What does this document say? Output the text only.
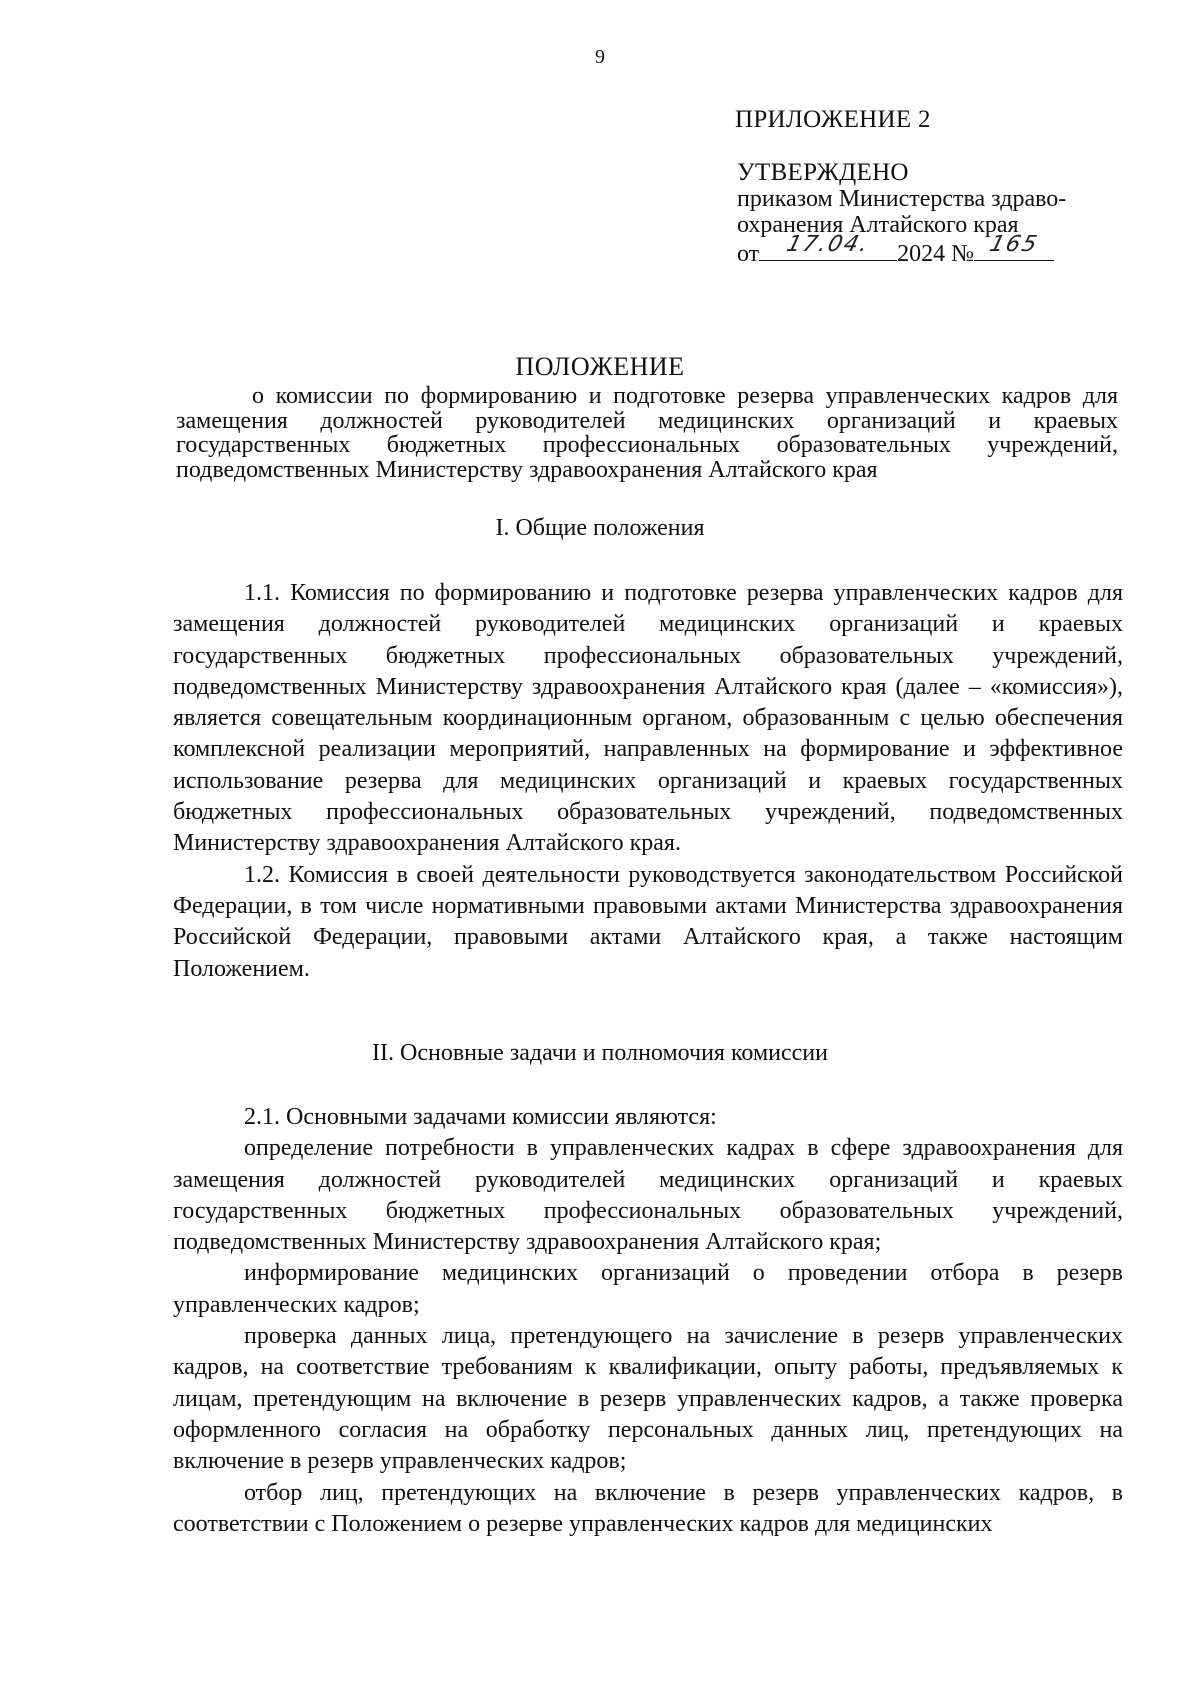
9
ПРИЛОЖЕНИЕ 2
УТВЕРЖДЕНО
приказом Министерства здраво-
охранения Алтайского края
от	17.04.	2024 № 165
ПОЛОЖЕНИЕ
о комиссии по формированию и подготовке резерва управленческих кадров для замещения должностей руководителей медицинских организаций и краевых государственных бюджетных профессиональных образовательных учреждений, подведомственных Министерству здравоохранения Алтайского края
I. Общие положения

1.1. Комиссия по формированию и подготовке резерва управленческих кадров для замещения должностей руководителей медицинских организаций и краевых государственных бюджетных профессиональных образовательных учреждений, подведомственных Министерству здравоохранения Алтайского края (далее – «комиссия»), является совещательным координационным органом, образованным с целью обеспечения комплексной реализации мероприятий, направленных на формирование и эффективное использование резерва для медицинских организаций и краевых государственных бюджетных профессиональных образовательных учреждений, подведомственных Министерству здравоохранения Алтайского края.

1.2. Комиссия в своей деятельности руководствуется законодательством Российской Федерации, в том числе нормативными правовыми актами Министерства здравоохранения Российской Федерации, правовыми актами Алтайского края, а также настоящим Положением.

II. Основные задачи и полномочия комиссии

2.1. Основными задачами комиссии являются:

определение потребности в управленческих кадрах в сфере здравоохранения для замещения должностей руководителей медицинских организаций и краевых государственных бюджетных профессиональных образовательных учреждений, подведомственных Министерству здравоохранения Алтайского края;

информирование медицинских организаций о проведении отбора в резерв управленческих кадров;

проверка данных лица, претендующего на зачисление в резерв управленческих кадров, на соответствие требованиям к квалификации, опыту работы, предъявляемых к лицам, претендующим на включение в резерв управленческих кадров, а также проверка оформленного согласия на обработку персональных данных лиц, претендующих на включение в резерв управленческих кадров;

отбор лиц, претендующих на включение в резерв управленческих кадров, в соответствии с Положением о резерве управленческих кадров для медицинских
